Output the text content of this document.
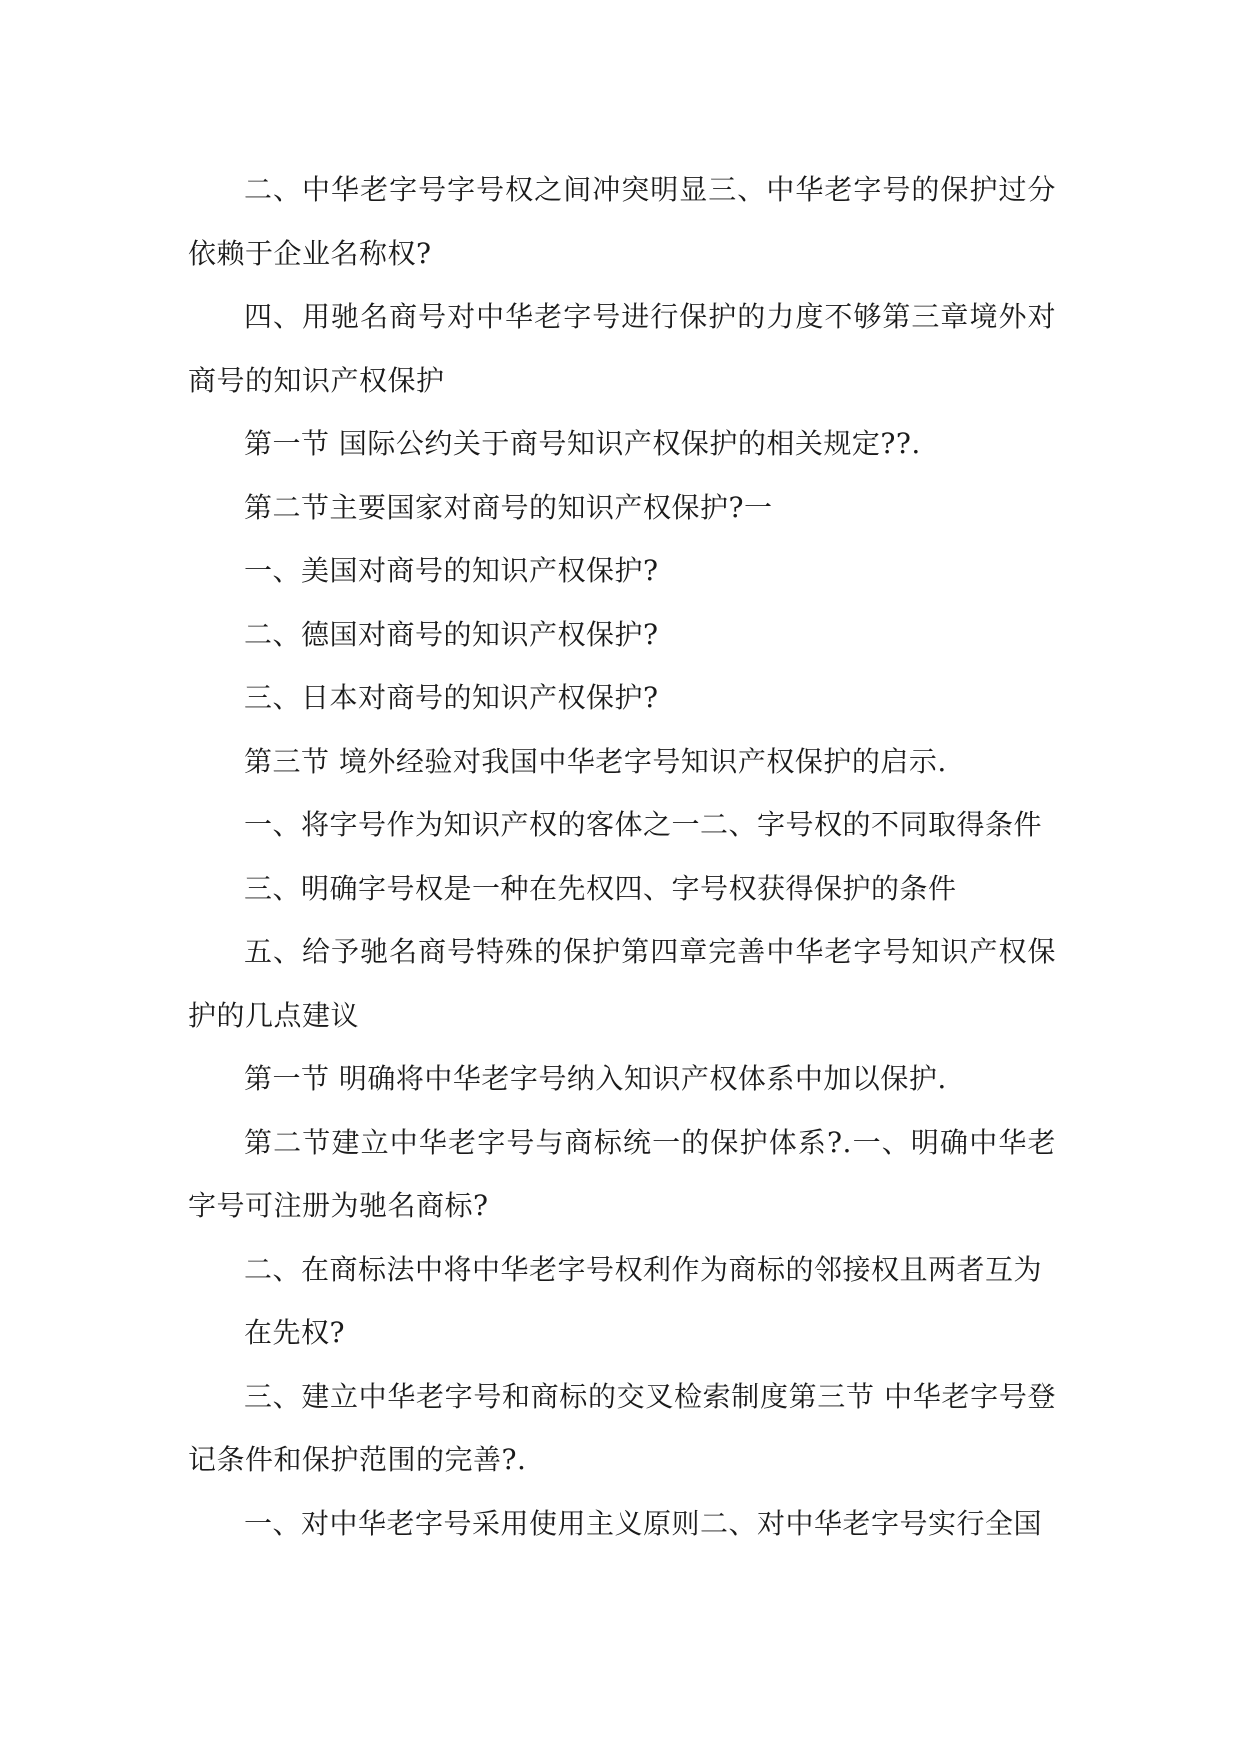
二、中华老字号字号权之间冲突明显三、中华老字号的保护过分依赖于企业名称权?

四、用驰名商号对中华老字号进行保护的力度不够第三章境外对商号的知识产权保护

第一节 国际公约关于商号知识产权保护的相关规定??.

第二节主要国家对商号的知识产权保护?一

一、美国对商号的知识产权保护?

二、德国对商号的知识产权保护?

三、日本对商号的知识产权保护?

第三节 境外经验对我国中华老字号知识产权保护的启示.

一、将字号作为知识产权的客体之一二、字号权的不同取得条件

三、明确字号权是一种在先权四、字号权获得保护的条件

五、给予驰名商号特殊的保护第四章完善中华老字号知识产权保护的几点建议

第一节 明确将中华老字号纳入知识产权体系中加以保护.

第二节建立中华老字号与商标统一的保护体系?.一、明确中华老字号可注册为驰名商标?

二、在商标法中将中华老字号权利作为商标的邻接权且两者互为

在先权?

三、建立中华老字号和商标的交叉检索制度第三节 中华老字号登记条件和保护范围的完善?.

一、对中华老字号采用使用主义原则二、对中华老字号实行全国
